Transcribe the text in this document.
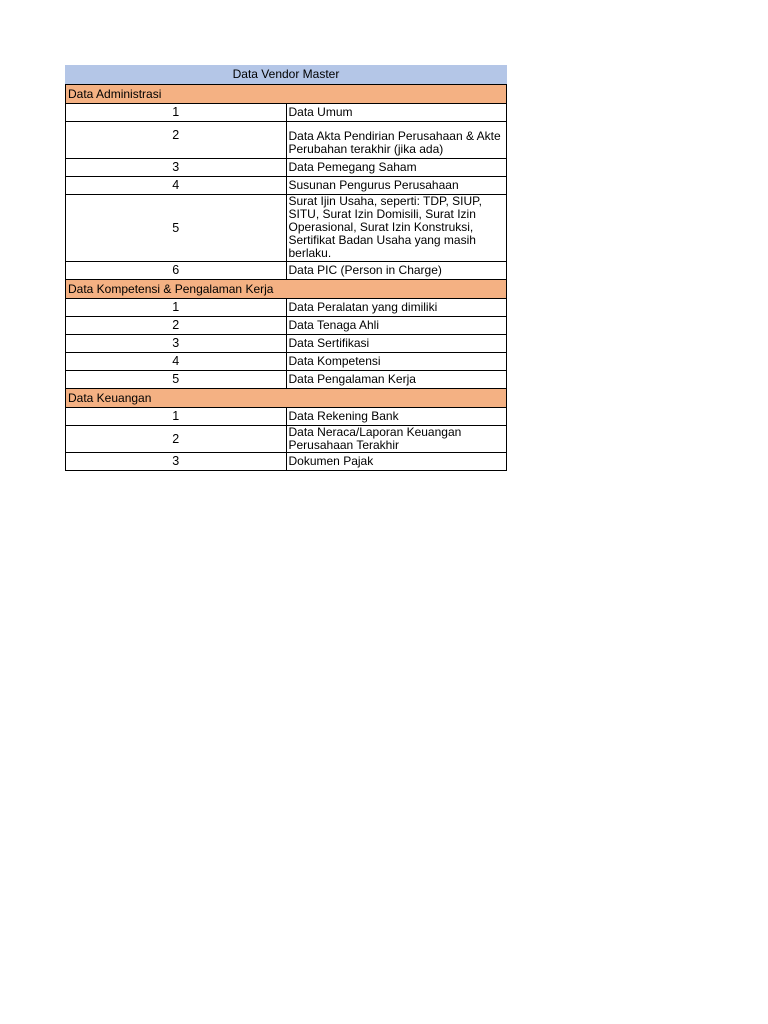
Data Vendor Master
Data Administrasi	
1	Data Umum
2	Data Akta Pendirian Perusahaan & Akte Perubahan terakhir (jika ada)
3	Data Pemegang Saham
4	Susunan Pengurus Perusahaan
5	Surat Ijin Usaha, seperti: TDP, SIUP, SITU, Surat Izin Domisili, Surat Izin Operasional, Surat Izin Konstruksi, Sertifikat Badan Usaha yang masih berlaku.
6	Data PIC (Person in Charge)
Data Kompetensi & Pengalaman Kerja	
1	Data Peralatan yang dimiliki
2	Data Tenaga Ahli
3	Data Sertifikasi
4	Data Kompetensi
5	Data Pengalaman Kerja
Data Keuangan	
1	Data Rekening Bank
2	Data Neraca/Laporan Keuangan Perusahaan Terakhir
3	Dokumen Pajak
